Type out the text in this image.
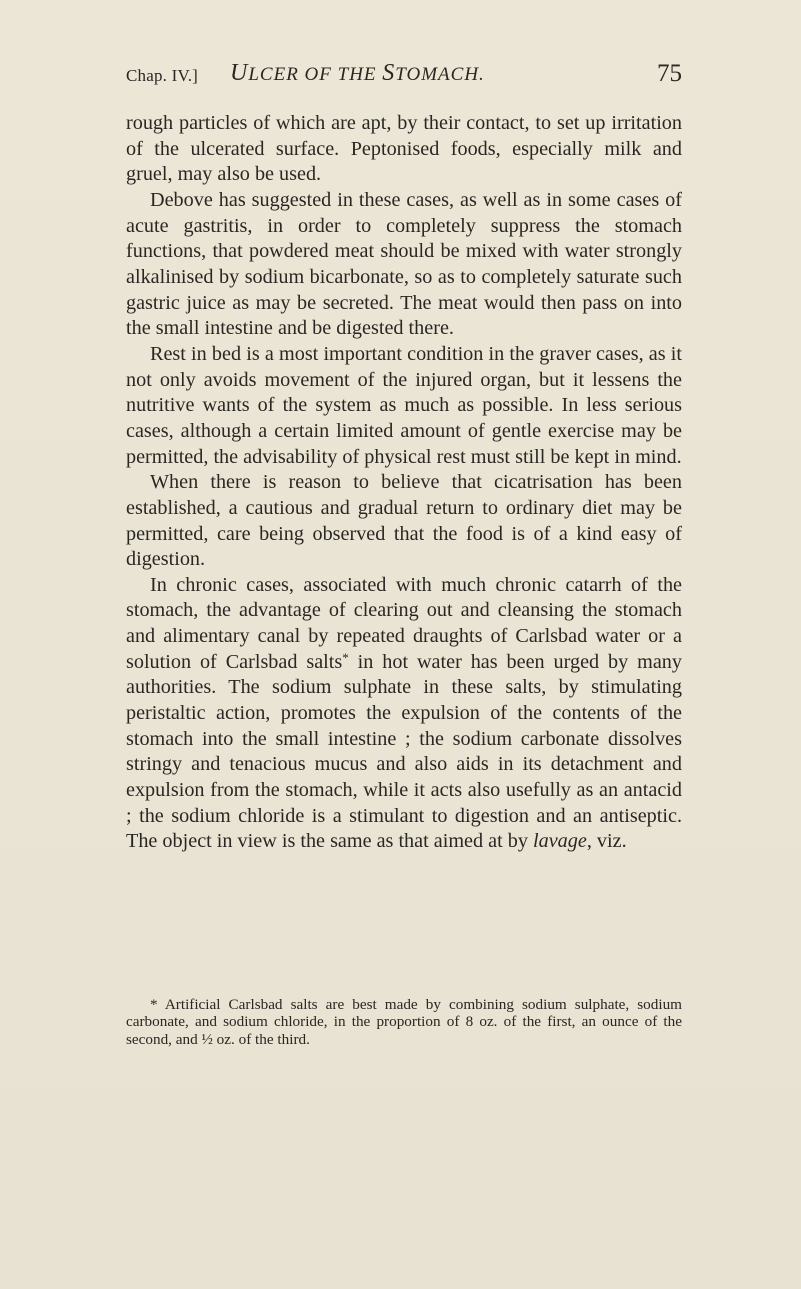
Chap. IV.] ULCER OF THE STOMACH.	75

rough particles of which are apt, by their contact, to set up irritation of the ulcerated surface. Peptonised foods, especially milk and gruel, may also be used.

Debove has suggested in these cases, as well as in some cases of acute gastritis, in order to completely suppress the stomach functions, that powdered meat should be mixed with water strongly alkalinised by sodium bicarbonate, so as to completely saturate such gastric juice as may be secreted. The meat would then pass on into the small intestine and be digested there.

Rest in bed is a most important condition in the graver cases, as it not only avoids movement of the injured organ, but it lessens the nutritive wants of the system as much as possible. In less serious cases, although a certain limited amount of gentle exercise may be permitted, the advisability of physical rest must still be kept in mind.

When there is reason to believe that cicatrisation has been established, a cautious and gradual return to ordinary diet may be permitted, care being observed that the food is of a kind easy of digestion.

In chronic cases, associated with much chronic catarrh of the stomach, the advantage of clearing out and cleansing the stomach and alimentary canal by repeated draughts of Carlsbad water or a solution of Carlsbad salts* in hot water has been urged by many authorities. The sodium sulphate in these salts, by stimulating peristaltic action, promotes the expulsion of the contents of the stomach into the small intestine ; the sodium carbonate dissolves stringy and tenacious mucus and also aids in its detachment and expulsion from the stomach, while it acts also usefully as an antacid ; the sodium chloride is a stimulant to digestion and an antiseptic. The object in view is the same as that aimed at by lavage, viz.

* Artificial Carlsbad salts are best made by combining sodium sulphate, sodium carbonate, and sodium chloride, in the proportion of 8 oz. of the first, an ounce of the second, and ½ oz. of the third.
